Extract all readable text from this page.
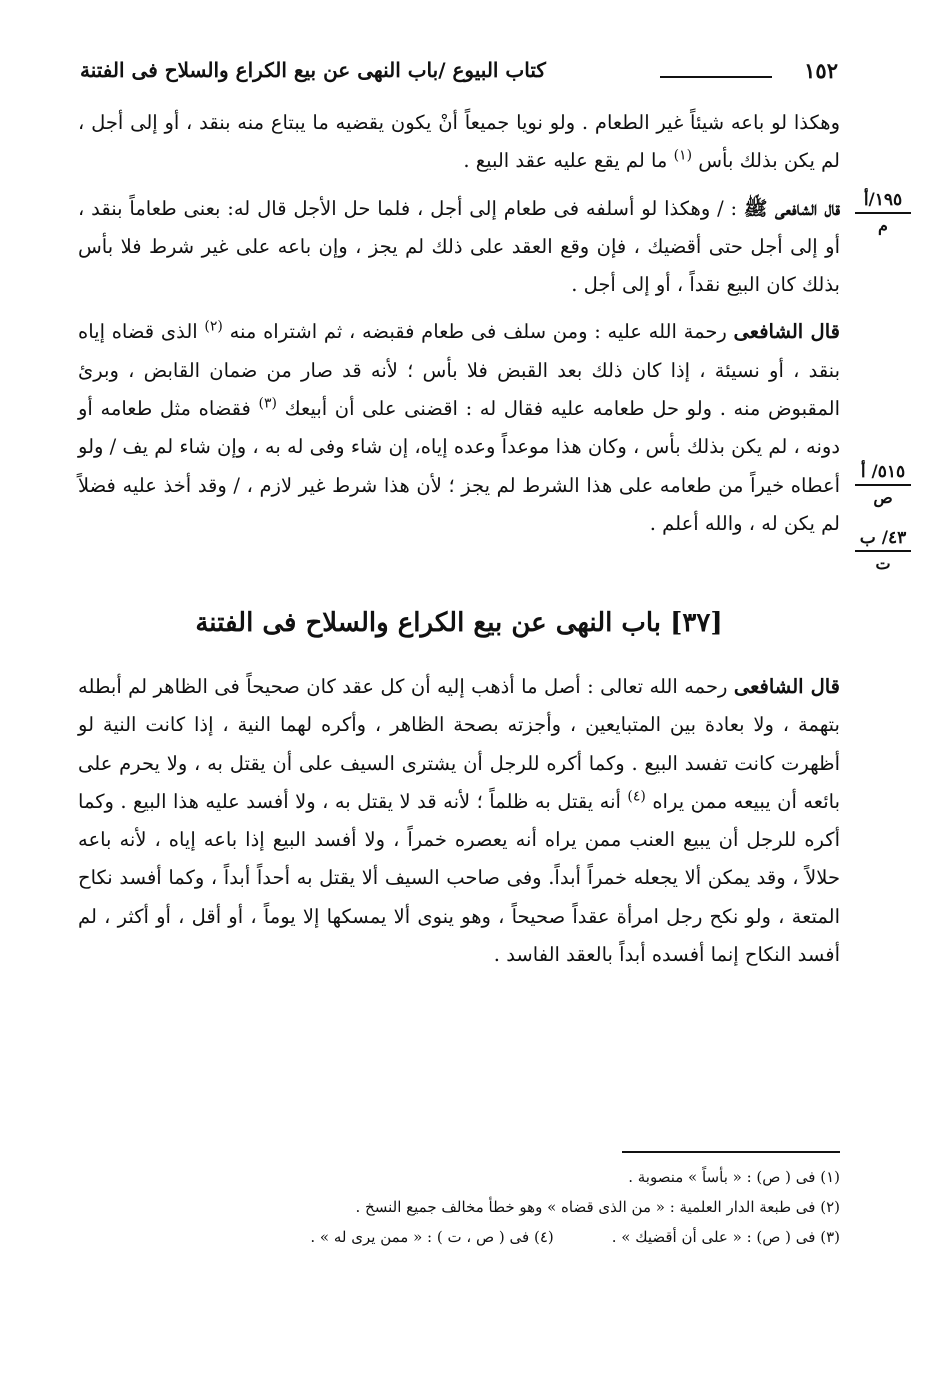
١٥٢
كتاب البيوع /باب النهى عن بيع الكراع والسلاح فى الفتنة
١٩٥/أ
م
٥١٥/ أ
ص
٤٣/ ب
ت

وهكذا لو باعه شيئاً غير الطعام . ولو نويا جميعاً أنْ يكون يقضيه ما يبتاع منه بنقد ، أو إلى أجل ، لم يكن بذلك بأس $^{(١)}$ ما لم يقع عليه عقد البيع .

قال الشافعى ﷺ : / وهكذا لو أسلفه فى طعام إلى أجل ، فلما حل الأجل قال له: بعنى طعاماً بنقد ، أو إلى أجل حتى أقضيك ، فإن وقع العقد على ذلك لم يجز ، وإن باعه على غير شرط فلا بأس بذلك كان البيع نقداً ، أو إلى أجل .

قال الشافعى رحمة الله عليه : ومن سلف فى طعام فقبضه ، ثم اشتراه منه $^{(٢)}$ الذى قضاه إياه بنقد ، أو نسيئة ، إذا كان ذلك بعد القبض فلا بأس ؛ لأنه قد صار من ضمان القابض ، وبرئ المقبوض منه . ولو حل طعامه عليه فقال له : اقضنى على أن أبيعك $^{(٣)}$ فقضاه مثل طعامه أو دونه ، لم يكن بذلك بأس ، وكان هذا موعداً وعده إياه، إن شاء وفى له به ، وإن شاء لم يف / ولو أعطاه خيراً من طعامه على هذا الشرط لم يجز ؛ لأن هذا شرط غير لازم ، / وقد أخذ عليه فضلاً لم يكن له ، والله أعلم .

[٣٧] باب النهى عن بيع الكراع والسلاح فى الفتنة

قال الشافعى رحمه الله تعالى : أصل ما أذهب إليه أن كل عقد كان صحيحاً فى الظاهر لم أبطله بتهمة ، ولا بعادة بين المتبايعين ، وأجزته بصحة الظاهر ، وأكره لهما النية ، إذا كانت النية لو أظهرت كانت تفسد البيع . وكما أكره للرجل أن يشترى السيف على أن يقتل به ، ولا يحرم على بائعه أن يبيعه ممن يراه $^{(٤)}$ أنه يقتل به ظلماً ؛ لأنه قد لا يقتل به ، ولا أفسد عليه هذا البيع . وكما أكره للرجل أن يبيع العنب ممن يراه أنه يعصره خمراً ، ولا أفسد البيع إذا باعه إياه ، لأنه باعه حلالاً ، وقد يمكن ألا يجعله خمراً أبداً. وفى صاحب السيف ألا يقتل به أحداً أبداً ، وكما أفسد نكاح المتعة ، ولو نكح رجل امرأة عقداً صحيحاً ، وهو ينوى ألا يمسكها إلا يوماً ، أو أقل ، أو أكثر ، لم أفسد النكاح إنما أفسده أبداً بالعقد الفاسد .

(١) فى ( ص) : « بأساً » منصوبة .
(٢) فى طبعة الدار العلمية : « من الذى قضاه » وهو خطأ مخالف جميع النسخ .
(٣) فى ( ص) : « على أن أقضيك » .
(٤) فى ( ص ، ت ) : « ممن يرى له » .
